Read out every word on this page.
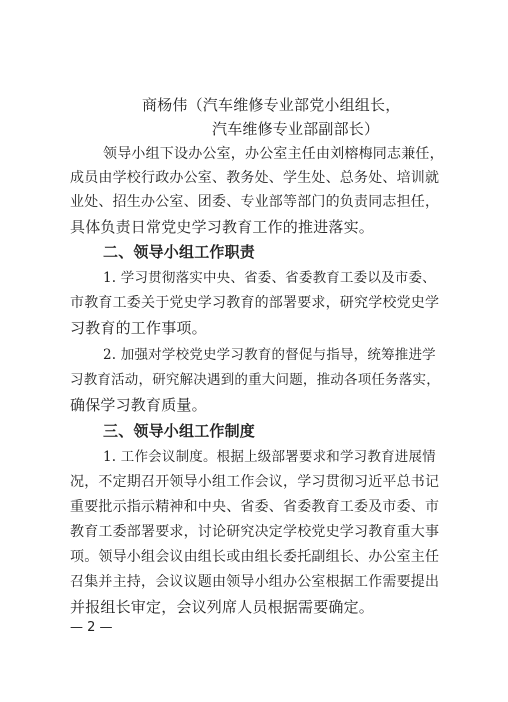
商杨伟（汽车维修专业部党小组组长，
汽车维修专业部副部长）
领导小组下设办公室，办公室主任由刘榕梅同志兼任，
成员由学校行政办公室、教务处、学生处、总务处、培训就
业处、招生办公室、团委、专业部等部门的负责同志担任，
具体负责日常党史学习教育工作的推进落实。
二、领导小组工作职责
1. 学习贯彻落实中央、省委、省委教育工委以及市委、
市教育工委关于党史学习教育的部署要求，研究学校党史学
习教育的工作事项。
2. 加强对学校党史学习教育的督促与指导，统筹推进学
习教育活动，研究解决遇到的重大问题，推动各项任务落实，
确保学习教育质量。
三、领导小组工作制度
1. 工作会议制度。根据上级部署要求和学习教育进展情
况，不定期召开领导小组工作会议，学习贯彻习近平总书记
重要批示指示精神和中央、省委、省委教育工委及市委、市
教育工委部署要求，讨论研究决定学校党史学习教育重大事
项。领导小组会议由组长或由组长委托副组长、办公室主任
召集并主持，会议议题由领导小组办公室根据工作需要提出
并报组长审定，会议列席人员根据需要确定。
— 2 —
